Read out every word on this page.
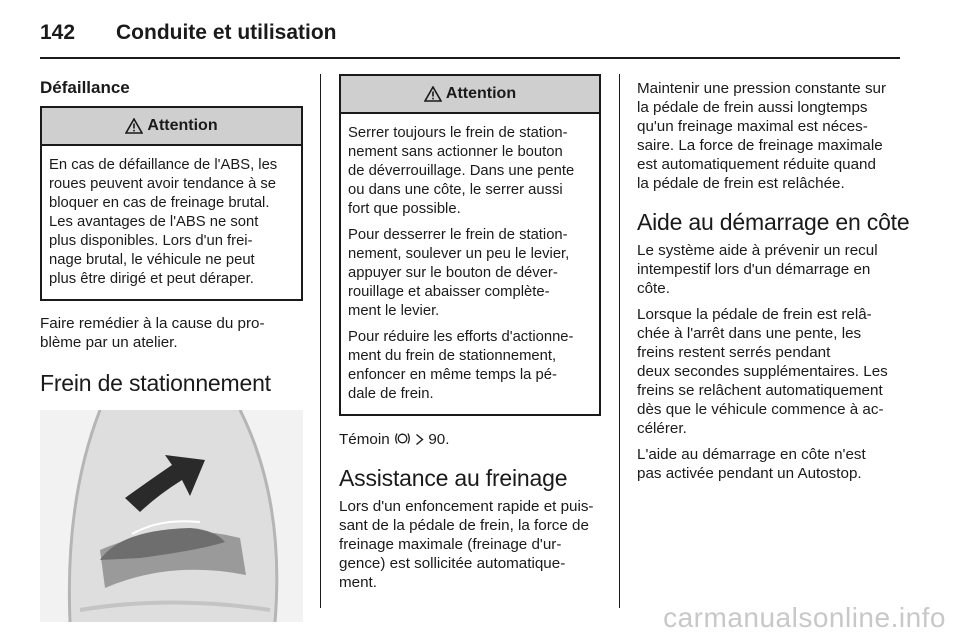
142	Conduite et utilisation
Défaillance
Attention

En cas de défaillance de l'ABS, les
roues peuvent avoir tendance à se
bloquer en cas de freinage brutal.
Les avantages de l'ABS ne sont
plus disponibles. Lors d'un frei-
nage brutal, le véhicule ne peut
plus être dirigé et peut déraper.

Faire remédier à la cause du pro-
blème par un atelier.

Frein de stationnement
Attention

Serrer toujours le frein de station-
nement sans actionner le bouton
de déverrouillage. Dans une pente
ou dans une côte, le serrer aussi
fort que possible.

Pour desserrer le frein de station-
nement, soulever un peu le levier,
appuyer sur le bouton de déver-
rouillage et abaisser complète-
ment le levier.

Pour réduire les efforts d'actionne-
ment du frein de stationnement,
enfoncer en même temps la pé-
dale de frein.

Témoin	90.

Assistance au freinage

Lors d'un enfoncement rapide et puis-
sant de la pédale de frein, la force de
freinage maximale (freinage d'ur-
gence) est sollicitée automatique-
ment.

Maintenir une pression constante sur
la pédale de frein aussi longtemps
qu'un freinage maximal est néces-
saire. La force de freinage maximale
est automatiquement réduite quand
la pédale de frein est relâchée.

Aide au démarrage en côte

Le système aide à prévenir un recul
intempestif lors d'un démarrage en
côte.

Lorsque la pédale de frein est relâ-
chée à l'arrêt dans une pente, les
freins restent serrés pendant
deux secondes supplémentaires. Les
freins se relâchent automatiquement
dès que le véhicule commence à ac-
célérer.

L'aide au démarrage en côte n'est
pas activée pendant un Autostop.

carmanualsonline.info
